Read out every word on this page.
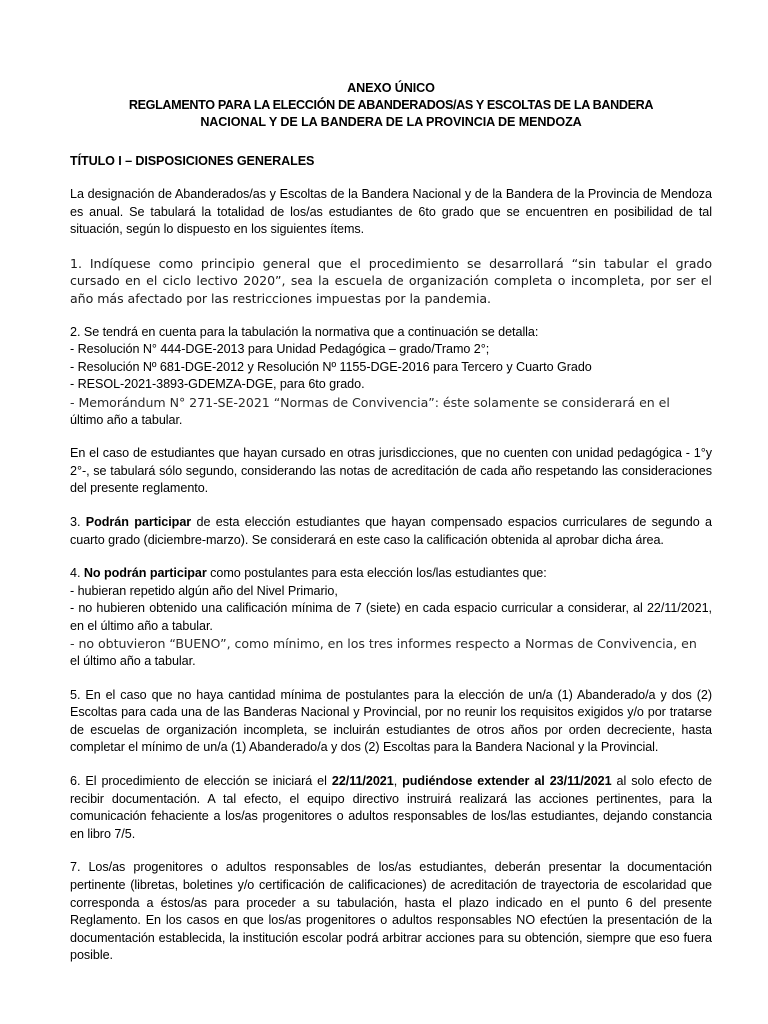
ANEXO ÚNICO
REGLAMENTO PARA LA ELECCIÓN DE ABANDERADOS/AS Y ESCOLTAS DE LA BANDERA
NACIONAL Y DE LA BANDERA DE LA PROVINCIA DE MENDOZA
TÍTULO I – DISPOSICIONES GENERALES

La designación de Abanderados/as y Escoltas de la Bandera Nacional y de la Bandera de la Provincia de Mendoza es anual. Se tabulará la totalidad de los/as estudiantes de 6to grado que se encuentren en posibilidad de tal situación, según lo dispuesto en los siguientes ítems.

1. Indíquese como principio general que el procedimiento se desarrollará “sin tabular el grado cursado en el ciclo lectivo 2020”, sea la escuela de organización completa o incompleta, por ser el año más afectado por las restricciones impuestas por la pandemia.

2. Se tendrá en cuenta para la tabulación la normativa que a continuación se detalla:

- Resolución N° 444-DGE-2013 para Unidad Pedagógica – grado/Tramo 2°;

- Resolución Nº 681-DGE-2012 y Resolución Nº 1155-DGE-2016 para Tercero y Cuarto Grado

- RESOL-2021-3893-GDEMZA-DGE, para 6to grado.

- Memorándum N° 271-SE-2021 “Normas de Convivencia”: éste solamente se considerará en el

último año a tabular.

En el caso de estudiantes que hayan cursado en otras jurisdicciones, que no cuenten con unidad pedagógica - 1°y 2°-, se tabulará sólo segundo, considerando las notas de acreditación de cada año respetando las consideraciones del presente reglamento.

3. Podrán participar de esta elección estudiantes que hayan compensado espacios curriculares de segundo a cuarto grado (diciembre-marzo). Se considerará en este caso la calificación obtenida al aprobar dicha área.

4. No podrán participar como postulantes para esta elección los/las estudiantes que:

- hubieran repetido algún año del Nivel Primario,

- no hubieren obtenido una calificación mínima de 7 (siete) en cada espacio curricular a considerar, al 22/11/2021, en el último año a tabular.

- no obtuvieron “BUENO”, como mínimo, en los tres informes respecto a Normas de Convivencia, en

el último año a tabular.

5. En el caso que no haya cantidad mínima de postulantes para la elección de un/a (1) Abanderado/a y dos (2) Escoltas para cada una de las Banderas Nacional y Provincial, por no reunir los requisitos exigidos y/o por tratarse de escuelas de organización incompleta, se incluirán estudiantes de otros años por orden decreciente, hasta completar el mínimo de un/a (1) Abanderado/a y dos (2) Escoltas para la Bandera Nacional y la Provincial.

6. El procedimiento de elección se iniciará el 22/11/2021, pudiéndose extender al 23/11/2021 al solo efecto de recibir documentación. A tal efecto, el equipo directivo instruirá realizará las acciones pertinentes, para la comunicación fehaciente a los/as progenitores o adultos responsables de los/las estudiantes, dejando constancia en libro 7/5.

7. Los/as progenitores o adultos responsables de los/as estudiantes, deberán presentar la documentación pertinente (libretas, boletines y/o certificación de calificaciones) de acreditación de trayectoria de escolaridad que corresponda a éstos/as para proceder a su tabulación, hasta el plazo indicado en el punto 6 del presente Reglamento. En los casos en que los/as progenitores o adultos responsables NO efectúen la presentación de la documentación establecida, la institución escolar podrá arbitrar acciones para su obtención, siempre que eso fuera posible.
